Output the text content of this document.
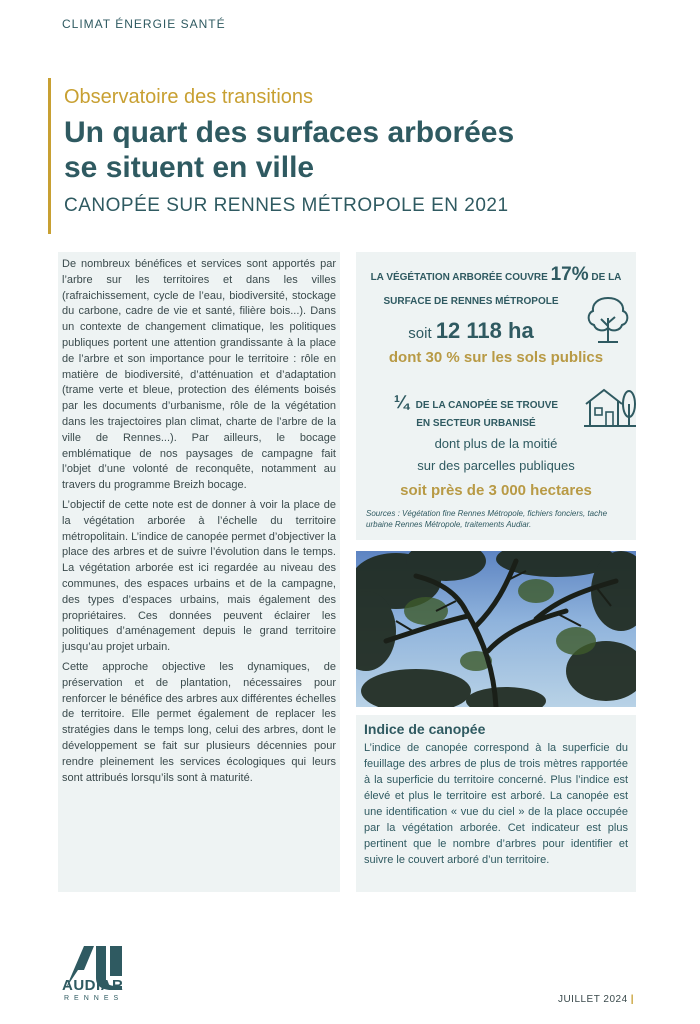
CLIMAT ÉNERGIE SANTÉ
Observatoire des transitions
Un quart des surfaces arborées
se situent en ville
CANOPÉE SUR RENNES MÉTROPOLE EN 2021

De nombreux bénéfices et services sont apportés par l’arbre sur les territoires et dans les villes (rafraichissement, cycle de l’eau, biodiversité, stockage du carbone, cadre de vie et santé, filière bois...). Dans un contexte de changement climatique, les politiques publiques portent une attention grandissante à la place de l’arbre et son importance pour le territoire : rôle en matière de biodiversité, d’atténuation et d’adaptation (trame verte et bleue, protection des éléments boisés par les documents d’urbanisme, rôle de la végétation dans les trajectoires plan climat, charte de l’arbre de la ville de Rennes...). Par ailleurs, le bocage emblématique de nos paysages de campagne fait l’objet d’une volonté de reconquête, notamment au travers du programme Breizh bocage.

L’objectif de cette note est de donner à voir la place de la végétation arborée à l’échelle du territoire métropolitain. L’indice de canopée permet d’objectiver la place des arbres et de suivre l’évolution dans le temps. La végétation arborée est ici regardée au niveau des communes, des espaces urbains et de la campagne, des types d’espaces urbains, mais également des propriétaires. Ces données peuvent éclairer les politiques d’aménagement depuis le grand territoire jusqu’au projet urbain.

Cette approche objective les dynamiques, de préservation et de plantation, nécessaires pour renforcer le bénéfice des arbres aux différentes échelles de territoire. Elle permet également de replacer les stratégies dans le temps long, celui des arbres, dont le développement se fait sur plusieurs décennies pour rendre pleinement les services écologiques qui leurs sont attribués lorsqu’ils sont à maturité.

LA VÉGÉTATION ARBORÉE COUVRE 17% DE LA
SURFACE DE RENNES MÉTROPOLE
soit 12 118 ha
dont 30 % sur les sols publics
¼ DE LA CANOPÉE SE TROUVE
EN SECTEUR URBANISÉ
dont plus de la moitié
sur des parcelles publiques
soit près de 3 000 hectares
Sources : Végétation fine Rennes Métropole, fichiers fonciers, tache urbaine Rennes Métropole, traitements Audiar.
Indice de canopée
L’indice de canopée correspond à la superficie du feuillage des arbres de plus de trois mètres rapportée à la superficie du territoire concerné. Plus l’indice est élevé et plus le territoire est arboré. La canopée est une identification « vue du ciel » de la place occupée par la végétation arborée. Cet indicateur est plus pertinent que le nombre d’arbres pour identifier et suivre le couvert arboré d’un territoire.
AUDIAR
RENNES	JUILLET 2024 |
